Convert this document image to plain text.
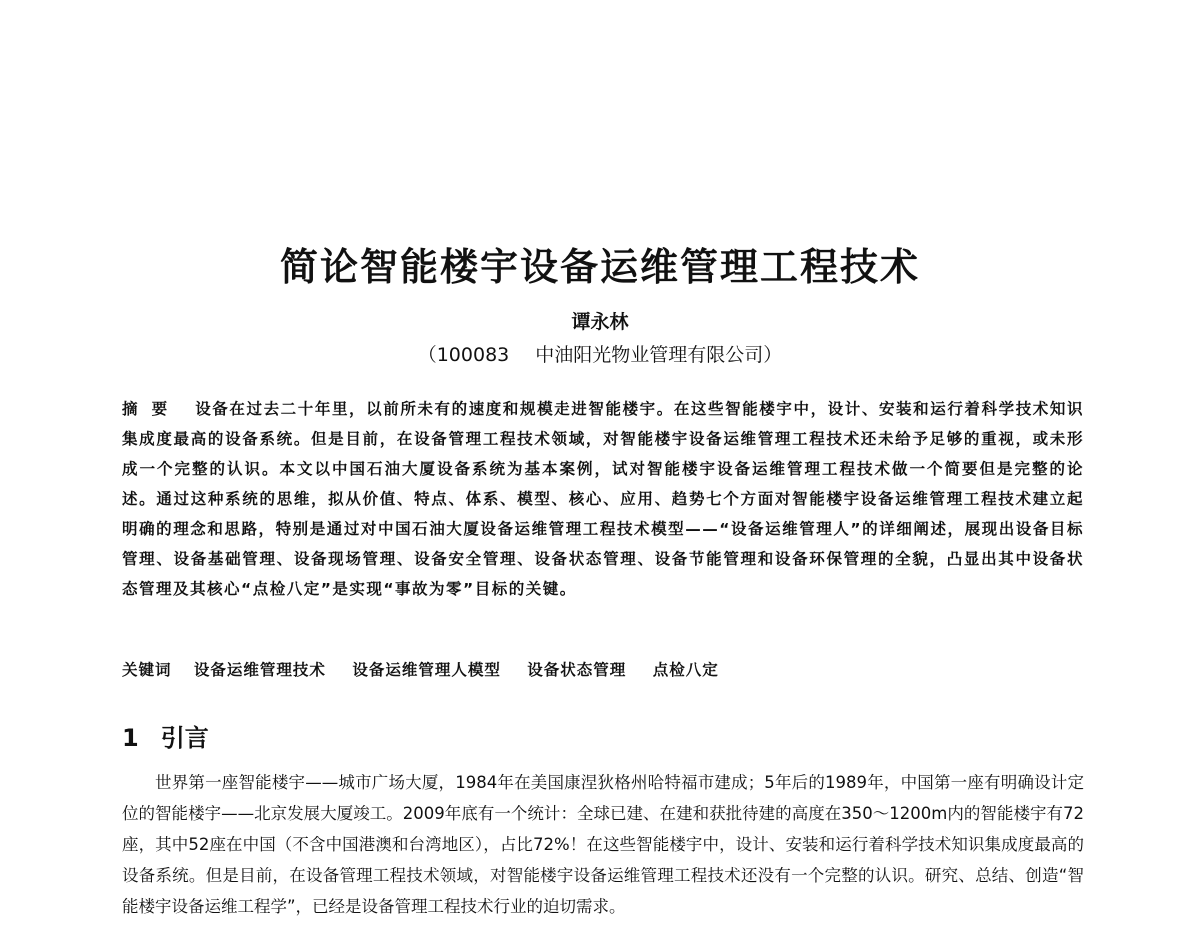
简论智能楼宇设备运维管理工程技术
谭永林
（100083 中油阳光物业管理有限公司）
摘要 设备在过去二十年里，以前所未有的速度和规模走进智能楼宇。在这些智能楼宇中，设计、安装和运行着科学技术知识集成度最高的设备系统。但是目前，在设备管理工程技术领域，对智能楼宇设备运维管理工程技术还未给予足够的重视，或未形成一个完整的认识。本文以中国石油大厦设备系统为基本案例，试对智能楼宇设备运维管理工程技术做一个简要但是完整的论述。通过这种系统的思维，拟从价值、特点、体系、模型、核心、应用、趋势七个方面对智能楼宇设备运维管理工程技术建立起明确的理念和思路，特别是通过对中国石油大厦设备运维管理工程技术模型——“设备运维管理人”的详细阐述，展现出设备目标管理、设备基础管理、设备现场管理、设备安全管理、设备状态管理、设备节能管理和设备环保管理的全貌，凸显出其中设备状态管理及其核心“点检八定”是实现“事故为零”目标的关键。
关键词 设备运维管理技术 设备运维管理人模型 设备状态管理 点检八定
1 引言

世界第一座智能楼宇——城市广场大厦，1984年在美国康涅狄格州哈特福市建成；5年后的1989年，中国第一座有明确设计定位的智能楼宇——北京发展大厦竣工。2009年底有一个统计：全球已建、在建和获批待建的高度在350～1200m内的智能楼宇有72座，其中52座在中国（不含中国港澳和台湾地区），占比72%！在这些智能楼宇中，设计、安装和运行着科学技术知识集成度最高的设备系统。但是目前，在设备管理工程技术领域，对智能楼宇设备运维管理工程技术还没有一个完整的认识。研究、总结、创造“智能楼宇设备运维工程学”，已经是设备管理工程技术行业的迫切需求。
